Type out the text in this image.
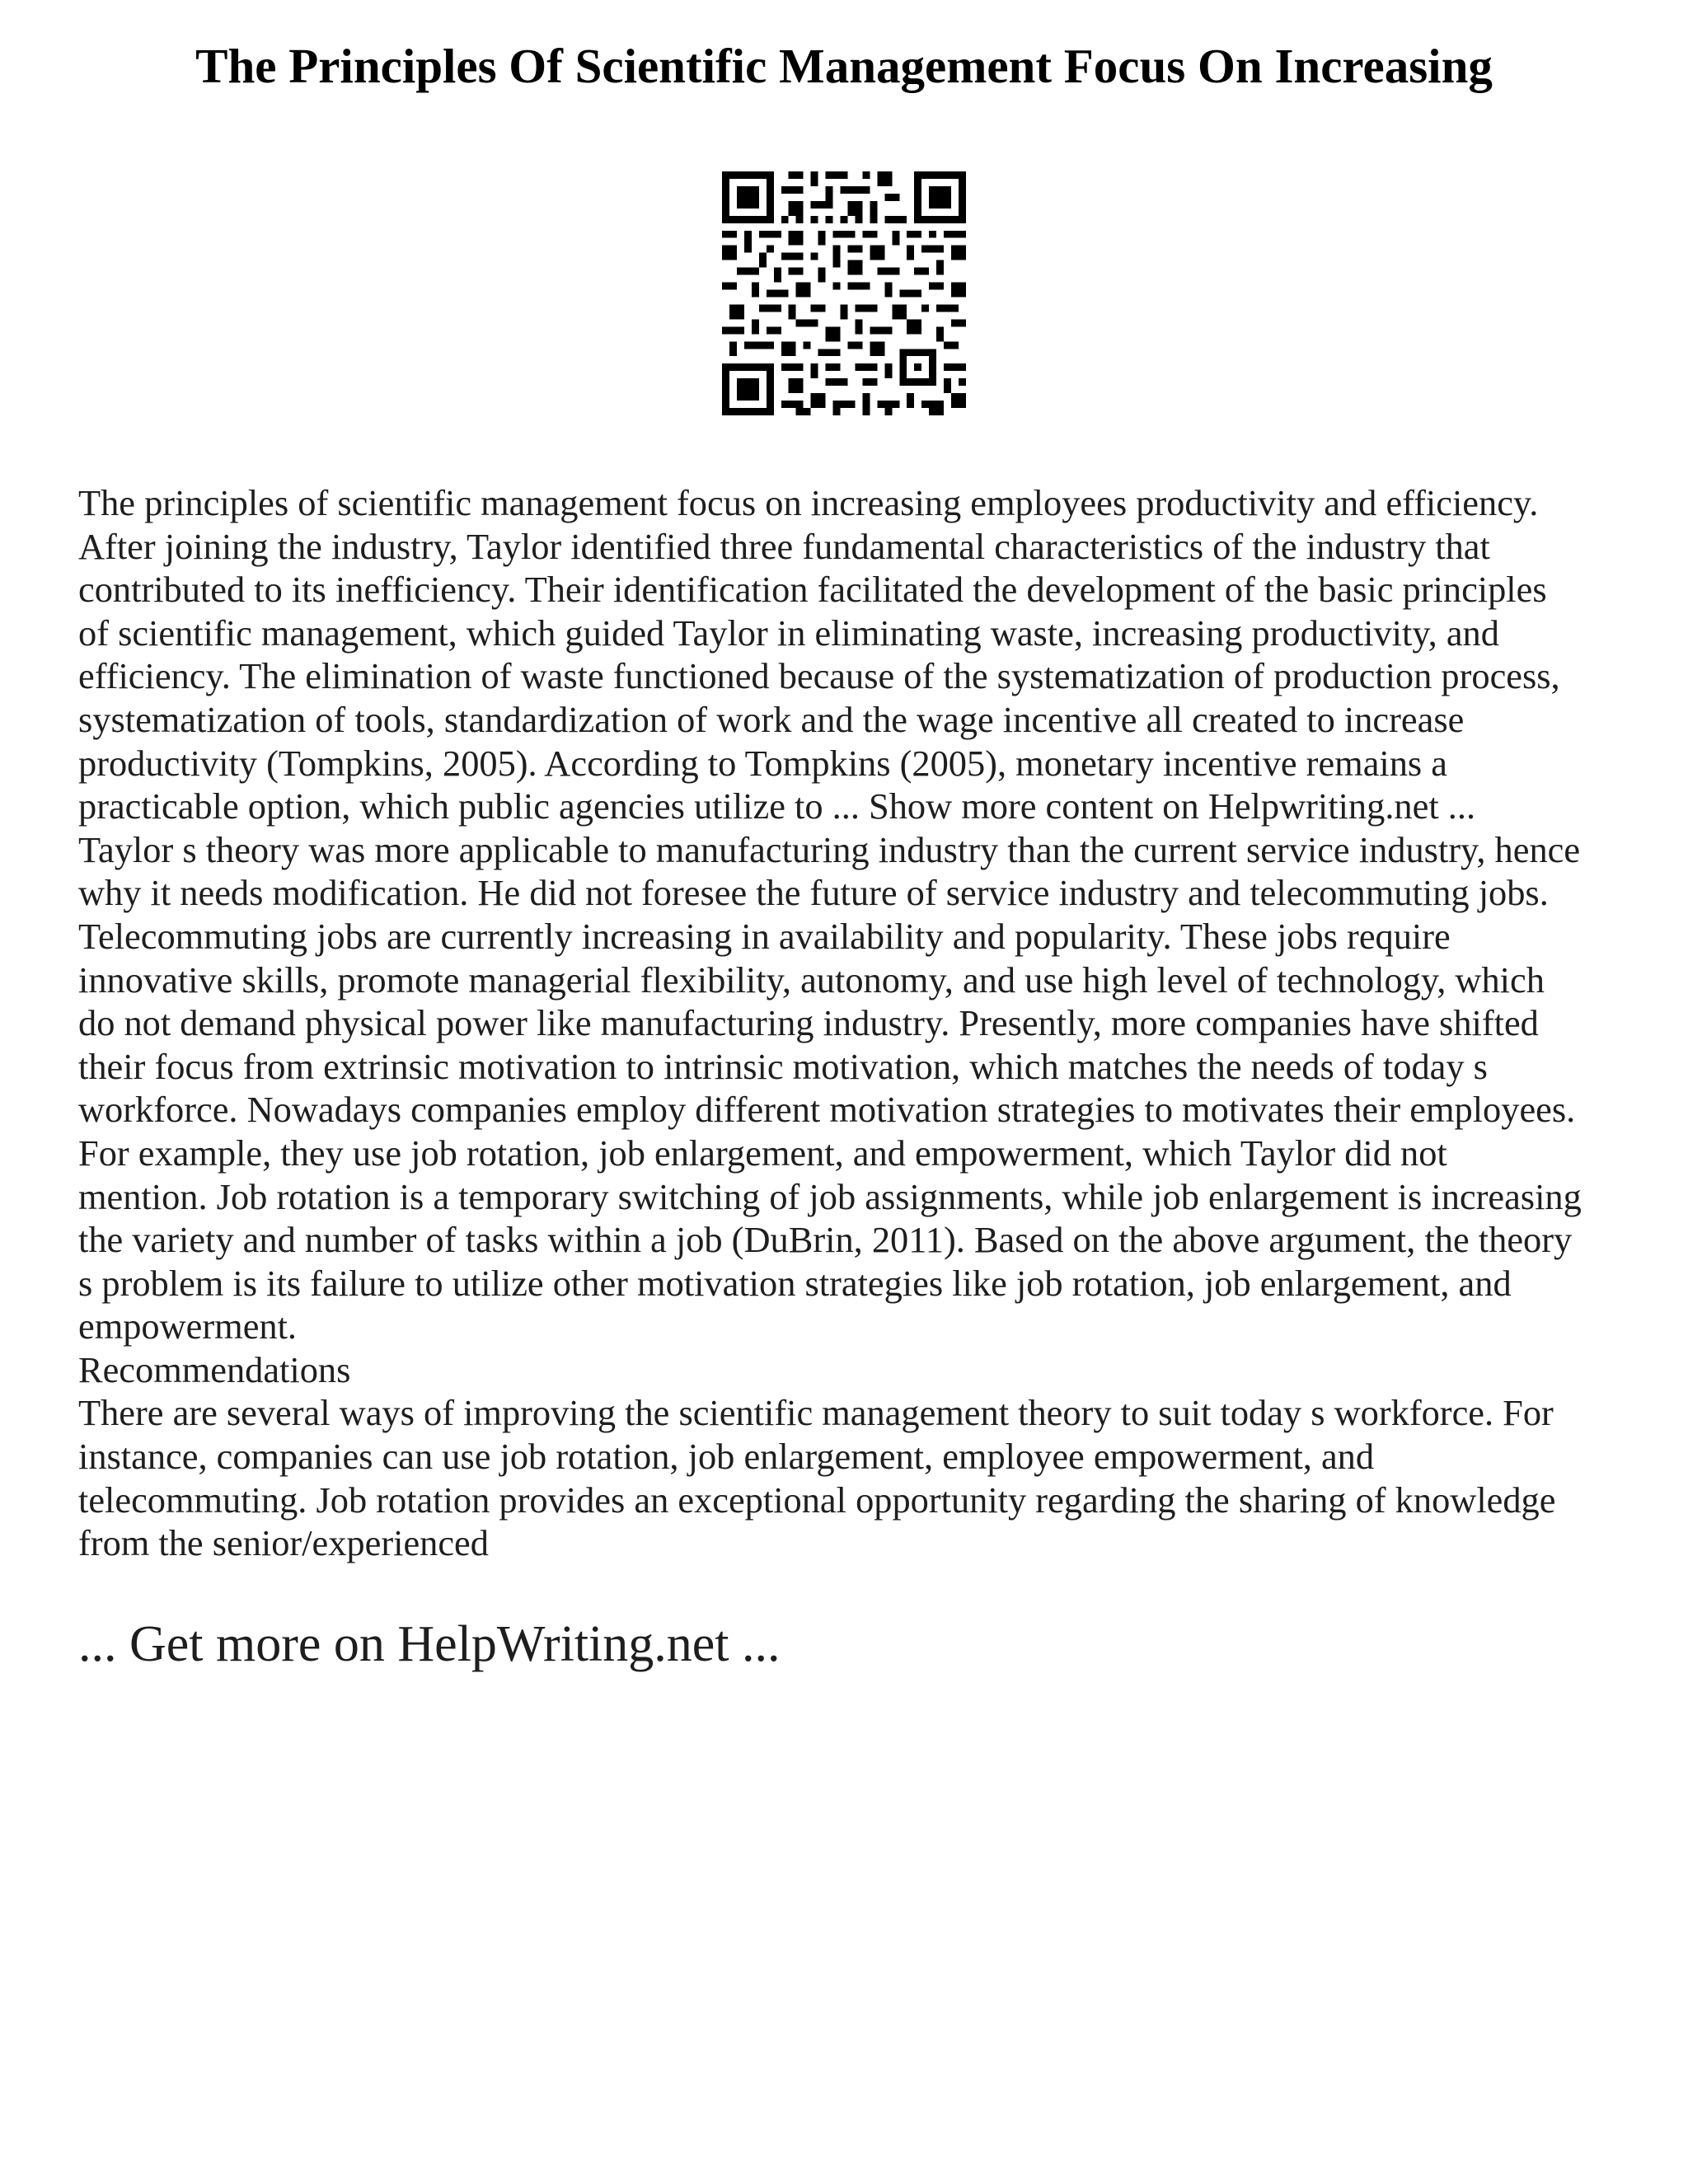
The Principles Of Scientific Management Focus On Increasing

The principles of scientific management focus on increasing employees productivity and efficiency.

After joining the industry, Taylor identified three fundamental characteristics of the industry that

contributed to its inefficiency. Their identification facilitated the development of the basic principles

of scientific management, which guided Taylor in eliminating waste, increasing productivity, and

efficiency. The elimination of waste functioned because of the systematization of production process,

systematization of tools, standardization of work and the wage incentive all created to increase

productivity (Tompkins, 2005). According to Tompkins (2005), monetary incentive remains a

practicable option, which public agencies utilize to ... Show more content on Helpwriting.net ...

Taylor s theory was more applicable to manufacturing industry than the current service industry, hence

why it needs modification. He did not foresee the future of service industry and telecommuting jobs.

Telecommuting jobs are currently increasing in availability and popularity. These jobs require

innovative skills, promote managerial flexibility, autonomy, and use high level of technology, which

do not demand physical power like manufacturing industry. Presently, more companies have shifted

their focus from extrinsic motivation to intrinsic motivation, which matches the needs of today s

workforce. Nowadays companies employ different motivation strategies to motivates their employees.

For example, they use job rotation, job enlargement, and empowerment, which Taylor did not

mention. Job rotation is a temporary switching of job assignments, while job enlargement is increasing

the variety and number of tasks within a job (DuBrin, 2011). Based on the above argument, the theory

s problem is its failure to utilize other motivation strategies like job rotation, job enlargement, and

empowerment.

Recommendations

There are several ways of improving the scientific management theory to suit today s workforce. For

instance, companies can use job rotation, job enlargement, employee empowerment, and

telecommuting. Job rotation provides an exceptional opportunity regarding the sharing of knowledge

from the senior/experienced

... Get more on HelpWriting.net ...
